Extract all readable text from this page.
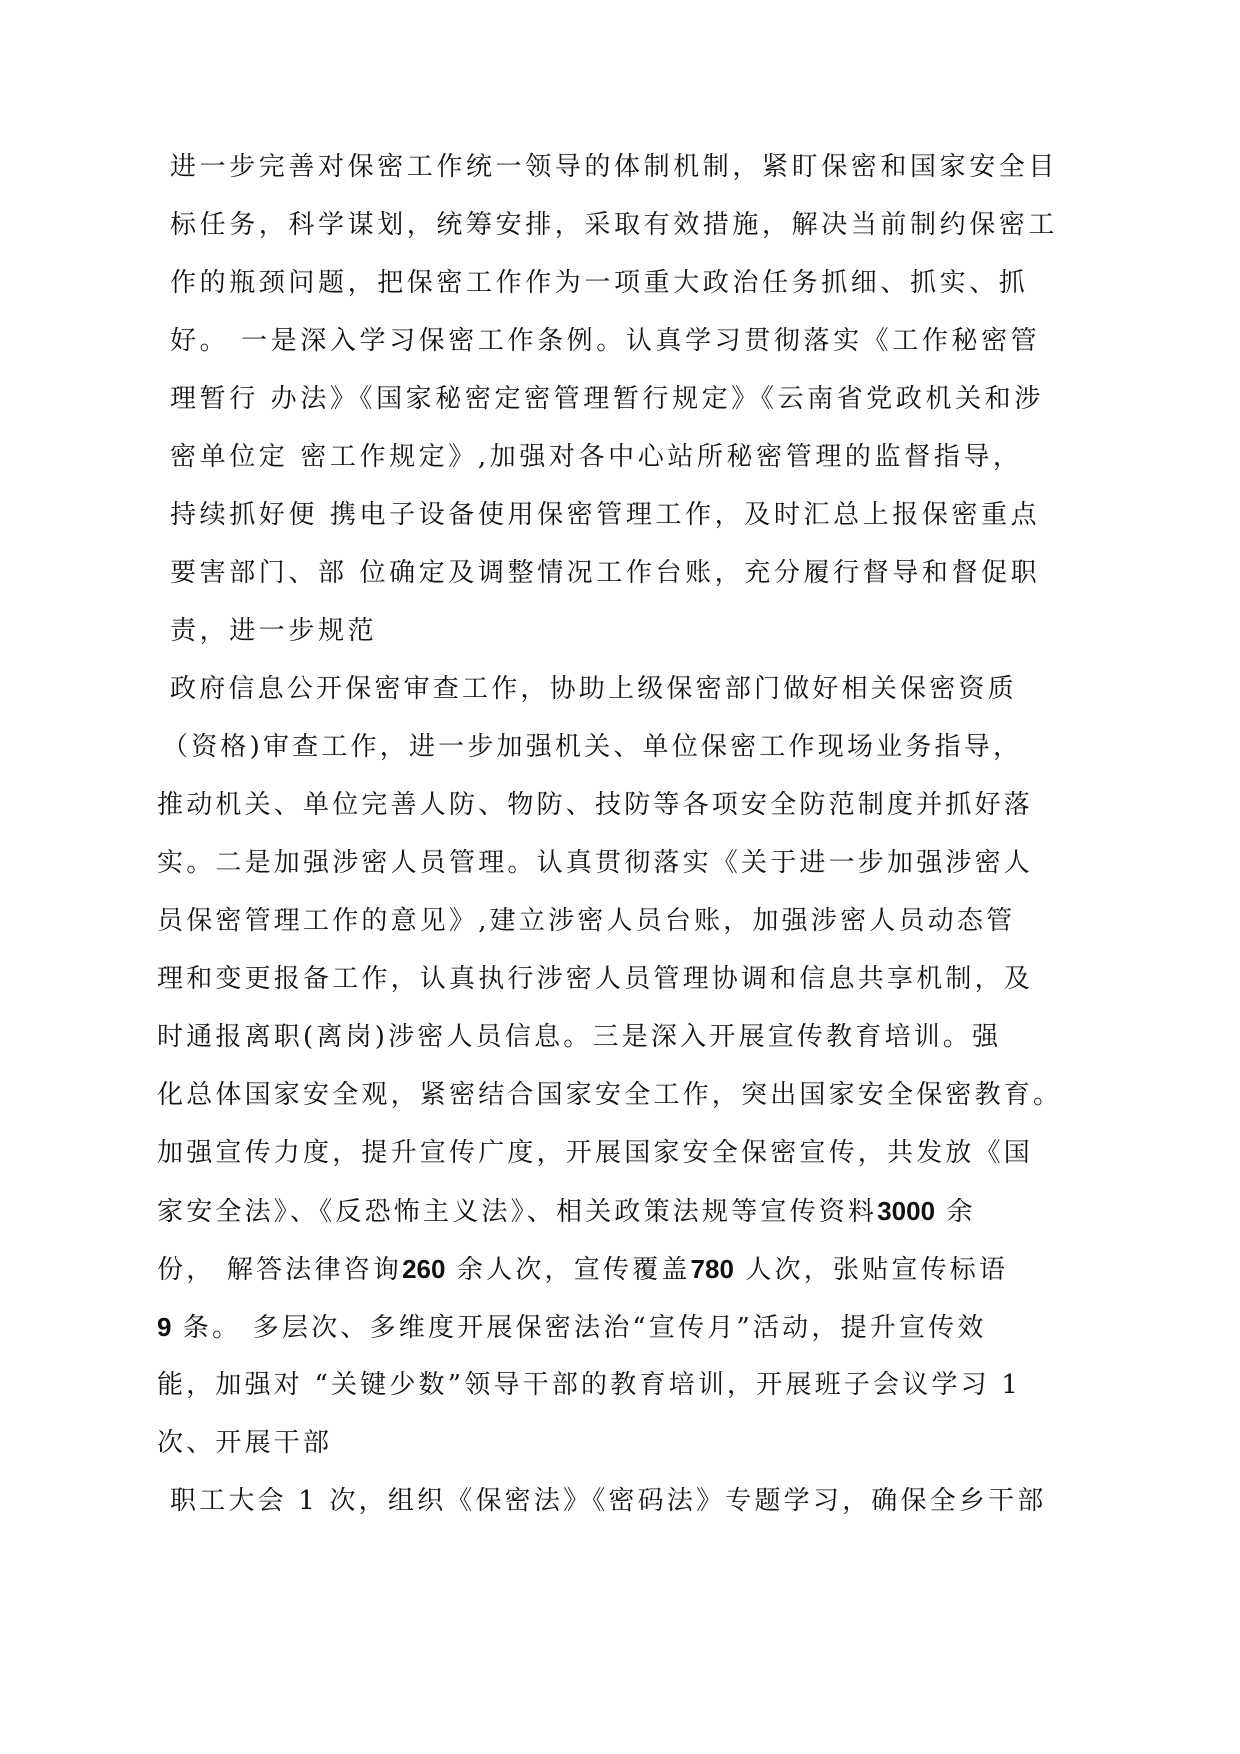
进一步完善对保密工作统一领导的体制机制，紧盯保密和国家安全目

标任务，科学谋划，统筹安排，采取有效措施，解决当前制约保密工

作的瓶颈问题，把保密工作作为一项重大政治任务抓细、抓实、抓

好。 一是深入学习保密工作条例。认真学习贯彻落实《工作秘密管

理暂行 办法》《国家秘密定密管理暂行规定》《云南省党政机关和涉

密单位定 密工作规定》,加强对各中心站所秘密管理的监督指导，

持续抓好便 携电子设备使用保密管理工作，及时汇总上报保密重点

要害部门、部 位确定及调整情况工作台账，充分履行督导和督促职

责，进一步规范

政府信息公开保密审查工作，协助上级保密部门做好相关保密资质

（资格)审查工作，进一步加强机关、单位保密工作现场业务指导，

推动机关、单位完善人防、物防、技防等各项安全防范制度并抓好落

实。二是加强涉密人员管理。认真贯彻落实《关于进一步加强涉密人

员保密管理工作的意见》,建立涉密人员台账，加强涉密人员动态管

理和变更报备工作，认真执行涉密人员管理协调和信息共享机制，及

时通报离职(离岗)涉密人员信息。三是深入开展宣传教育培训。强

化总体国家安全观，紧密结合国家安全工作，突出国家安全保密教育。

加强宣传力度，提升宣传广度，开展国家安全保密宣传，共发放《国

家安全法》、《反恐怖主义法》、相关政策法规等宣传资料3000 余

份， 解答法律咨询260 余人次，宣传覆盖780 人次，张贴宣传标语

9 条。 多层次、多维度开展保密法治“宣传月”活动，提升宣传效

能，加强对 “关键少数”领导干部的教育培训，开展班子会议学习 1

次、开展干部

职工大会 1 次，组织《保密法》《密码法》专题学习，确保全乡干部
